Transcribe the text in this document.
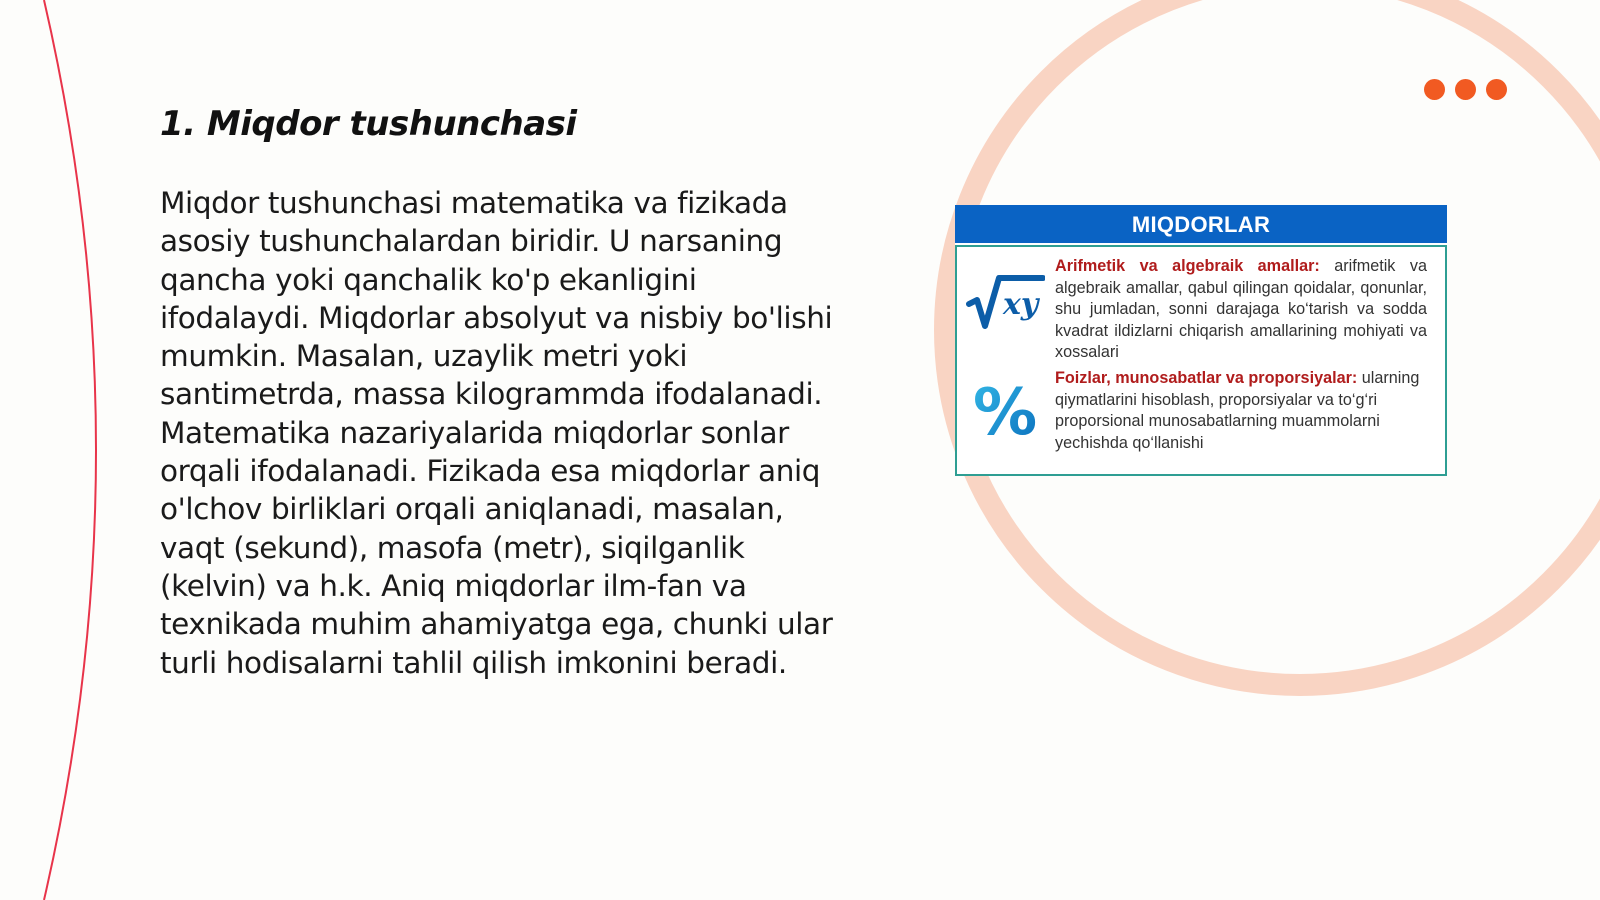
1. Miqdor tushunchasi

Miqdor tushunchasi matematika va fizikada asosiy tushunchalardan biridir. U narsaning qancha yoki qanchalik ko'p ekanligini ifodalaydi. Miqdorlar absolyut va nisbiy bo'lishi mumkin. Masalan, uzaylik metri yoki santimetrda, massa kilogrammda ifodalanadi. Matematika nazariyalarida miqdorlar sonlar orqali ifodalanadi. Fizikada esa miqdorlar aniq o'lchov birliklari orqali aniqlanadi, masalan, vaqt (sekund), masofa (metr), siqilganlik (kelvin) va h.k. Aniq miqdorlar ilm-fan va texnikada muhim ahamiyatga ega, chunki ular turli hodisalarni tahlil qilish imkonini beradi.

MIQDORLAR
xy

Arifmetik va algebraik amallar: arifmetik va algebraik amallar, qabul qilingan qoidalar, qonunlar, shu jumladan, sonni darajaga ko‘tarish va sodda kvadrat ildizlarni chiqarish amallarining mohiyati va xossalari

% Foizlar, munosabatlar va proporsiyalar: ularning qiymatlarini hisoblash, proporsiyalar va to‘g‘ri proporsional munosabatlarning muammolarni yechishda qo‘llanishi
